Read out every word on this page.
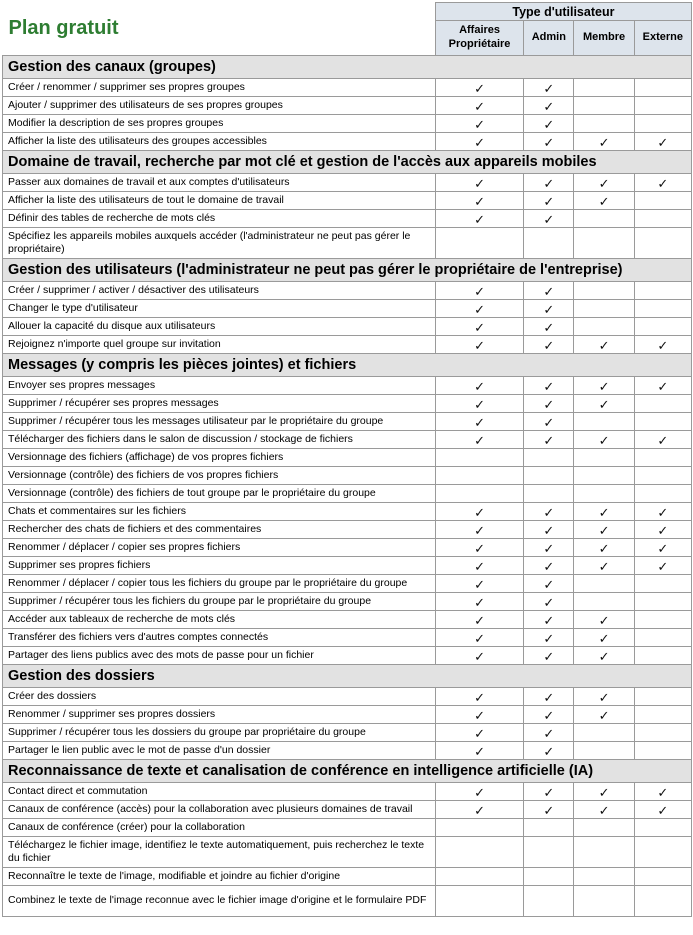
Plan gratuit	Type d'utilisateur			
	Affaires Propriétaire	Admin	Membre	Externe
Gestion des canaux (groupes)				
Créer / renommer / supprimer ses propres groupes	✓	✓		
Ajouter / supprimer des utilisateurs de ses propres groupes	✓	✓		
Modifier la description de ses propres groupes	✓	✓		
Afficher la liste des utilisateurs des groupes accessibles	✓	✓	✓	✓
Domaine de travail, recherche par mot clé et gestion de l'accès aux appareils mobiles				
Passer aux domaines de travail et aux comptes d'utilisateurs	✓	✓	✓	✓
Afficher la liste des utilisateurs de tout le domaine de travail	✓	✓	✓	
Définir des tables de recherche de mots clés	✓	✓		
Spécifiez les appareils mobiles auxquels accéder (l'administrateur ne peut pas gérer le propriétaire)				
Gestion des utilisateurs (l'administrateur ne peut pas gérer le propriétaire de l'entreprise)				
Créer / supprimer / activer / désactiver des utilisateurs	✓	✓		
Changer le type d'utilisateur	✓	✓		
Allouer la capacité du disque aux utilisateurs	✓	✓		
Rejoignez n'importe quel groupe sur invitation	✓	✓	✓	✓
Messages (y compris les pièces jointes) et fichiers				
Envoyer ses propres messages	✓	✓	✓	✓
Supprimer / récupérer ses propres messages	✓	✓	✓	
Supprimer / récupérer tous les messages utilisateur par le propriétaire du groupe	✓	✓		
Télécharger des fichiers dans le salon de discussion / stockage de fichiers	✓	✓	✓	✓
Versionnage des fichiers (affichage) de vos propres fichiers				
Versionnage (contrôle) des fichiers de vos propres fichiers				
Versionnage (contrôle) des fichiers de tout groupe par le propriétaire du groupe				
Chats et commentaires sur les fichiers	✓	✓	✓	✓
Rechercher des chats de fichiers et des commentaires	✓	✓	✓	✓
Renommer / déplacer / copier ses propres fichiers	✓	✓	✓	✓
Supprimer ses propres fichiers	✓	✓	✓	✓
Renommer / déplacer / copier tous les fichiers du groupe par le propriétaire du groupe	✓	✓		
Supprimer / récupérer tous les fichiers du groupe par le propriétaire du groupe	✓	✓		
Accéder aux tableaux de recherche de mots clés	✓	✓	✓	
Transférer des fichiers vers d'autres comptes connectés	✓	✓	✓	
Partager des liens publics avec des mots de passe pour un fichier	✓	✓	✓	
Gestion des dossiers				
Créer des dossiers	✓	✓	✓	
Renommer / supprimer ses propres dossiers	✓	✓	✓	
Supprimer / récupérer tous les dossiers du groupe par propriétaire du groupe	✓	✓		
Partager le lien public avec le mot de passe d'un dossier	✓	✓		
Reconnaissance de texte et canalisation de conférence en intelligence artificielle (IA)				
Contact direct et commutation	✓	✓	✓	✓
Canaux de conférence (accès) pour la collaboration avec plusieurs domaines de travail	✓	✓	✓	✓
Canaux de conférence (créer) pour la collaboration				
Téléchargez le fichier image, identifiez le texte automatiquement, puis recherchez le texte du fichier				
Reconnaître le texte de l'image, modifiable et joindre au fichier d'origine				
Combinez le texte de l'image reconnue avec le fichier image d'origine et le formulaire PDF				
